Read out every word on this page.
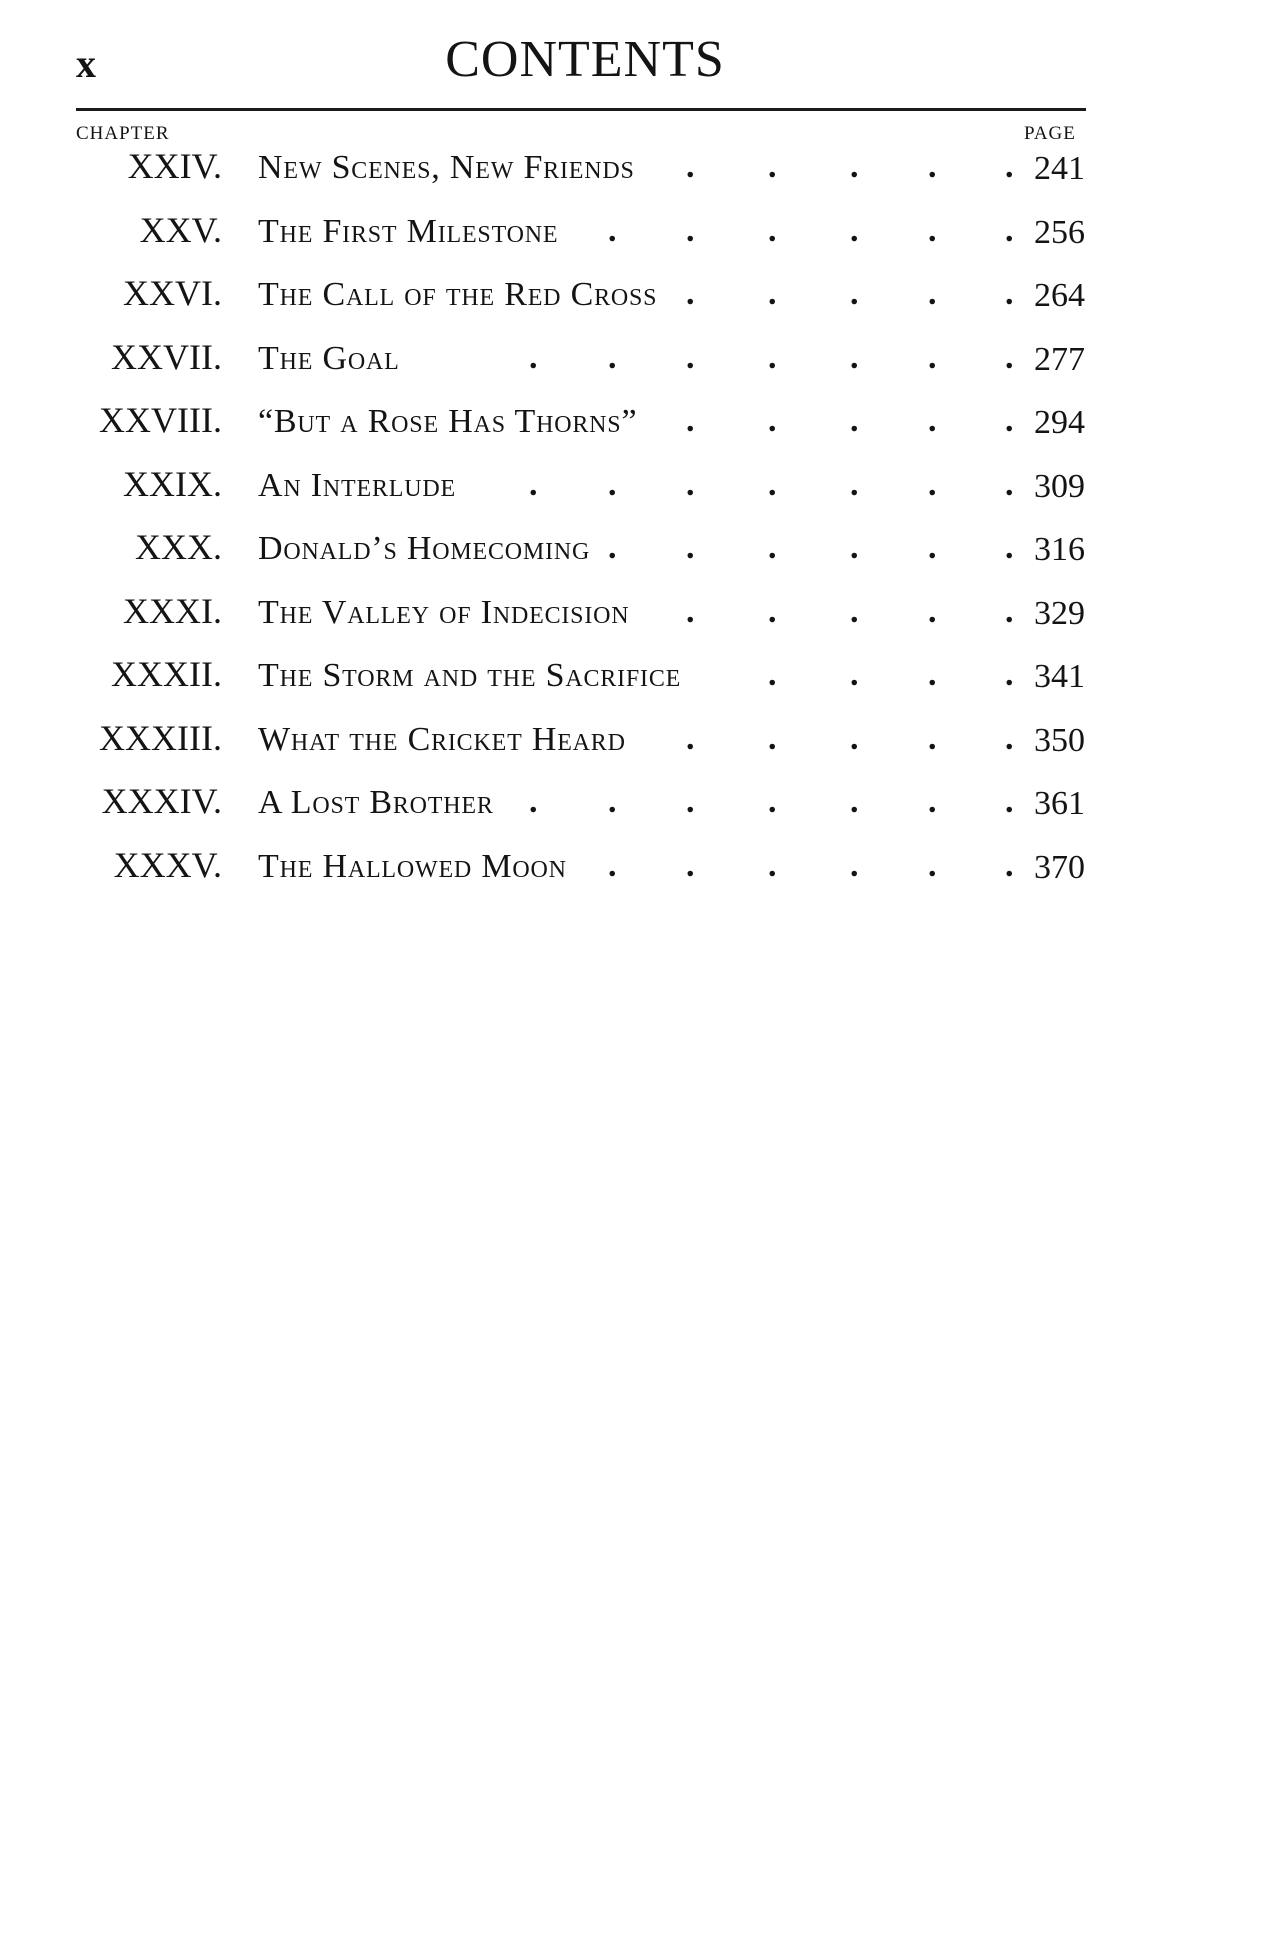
x	CONTENTS
CHAPTER	PAGE
XXIV. New Scenes, New Friends	241
. . . . .
XXV. The First Milestone	256
. . . . . .
XXVI. The Call of the Red Cross	264
. . . . .
XXVII. The Goal	277
. . . . . . .
XXVIII. “But a Rose Has Thorns”	294
. . . . .
XXIX. An Interlude	309
. . . . . . .
XXX. Donald’s Homecoming	316
. . . . . .
XXXI. The Valley of Indecision	329
. . . . .
XXXII. The Storm and the Sacrifice	341
. . . .
XXXIII. What the Cricket Heard	350
. . . . .
XXXIV. A Lost Brother	361
. . . . . . .
XXXV. The Hallowed Moon	370
. . . . . .
